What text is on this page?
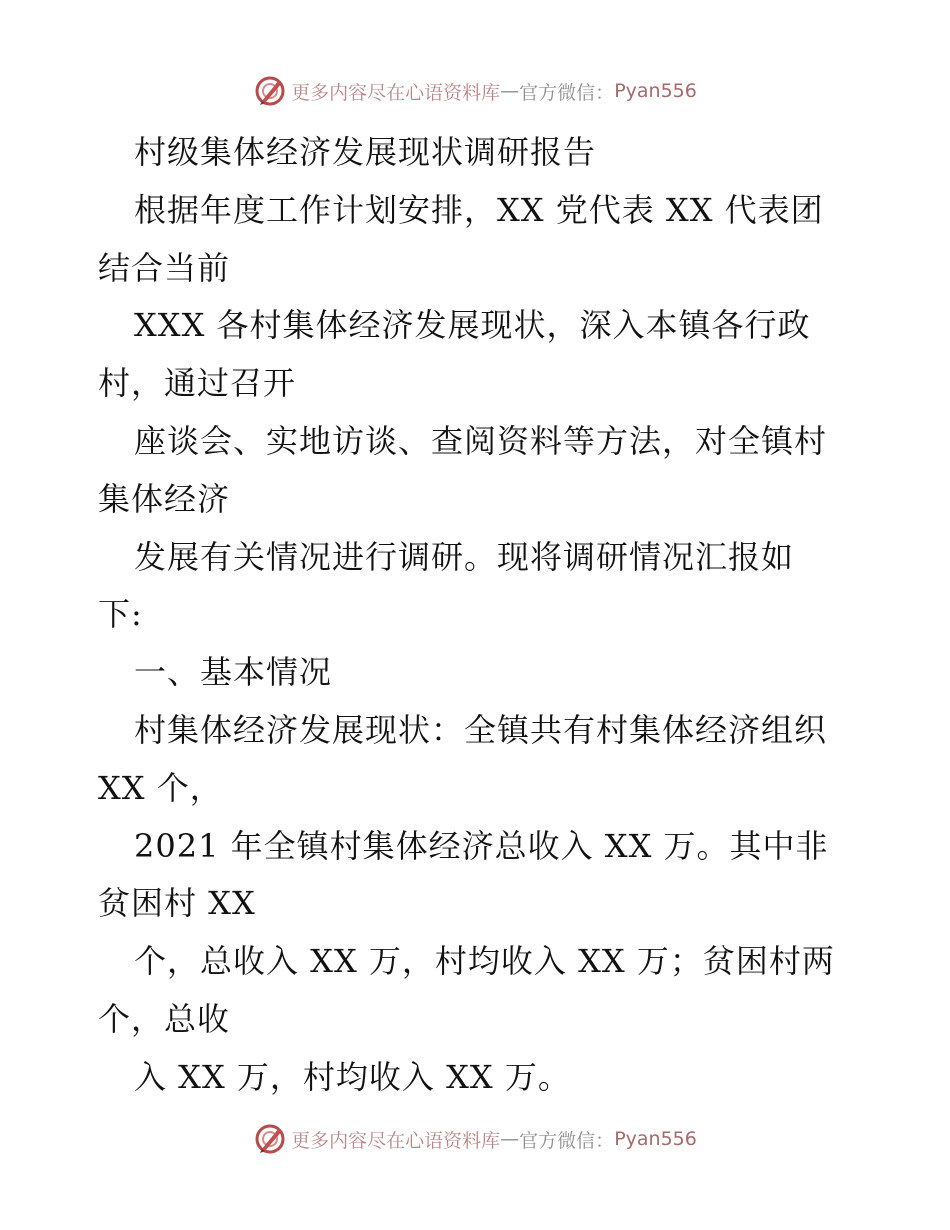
更多内容尽在心语资料库 — 官方微信： Pyan556
村级集体经济发展现状调研报告
根据年度工作计划安排，XX 党代表 XX 代表团
结合当前
XXX 各村集体经济发展现状，深入本镇各行政
村，通过召开
座谈会、实地访谈、查阅资料等方法，对全镇村
集体经济
发展有关情况进行调研。现将调研情况汇报如
下:
一、基本情况
村集体经济发展现状：全镇共有村集体经济组织
XX 个，
2021 年全镇村集体经济总收入 XX 万。其中非
贫困村 XX
个，总收入 XX 万，村均收入 XX 万；贫困村两
个，总收
入 XX 万，村均收入 XX 万。
更多内容尽在心语资料库 — 官方微信： Pyan556
